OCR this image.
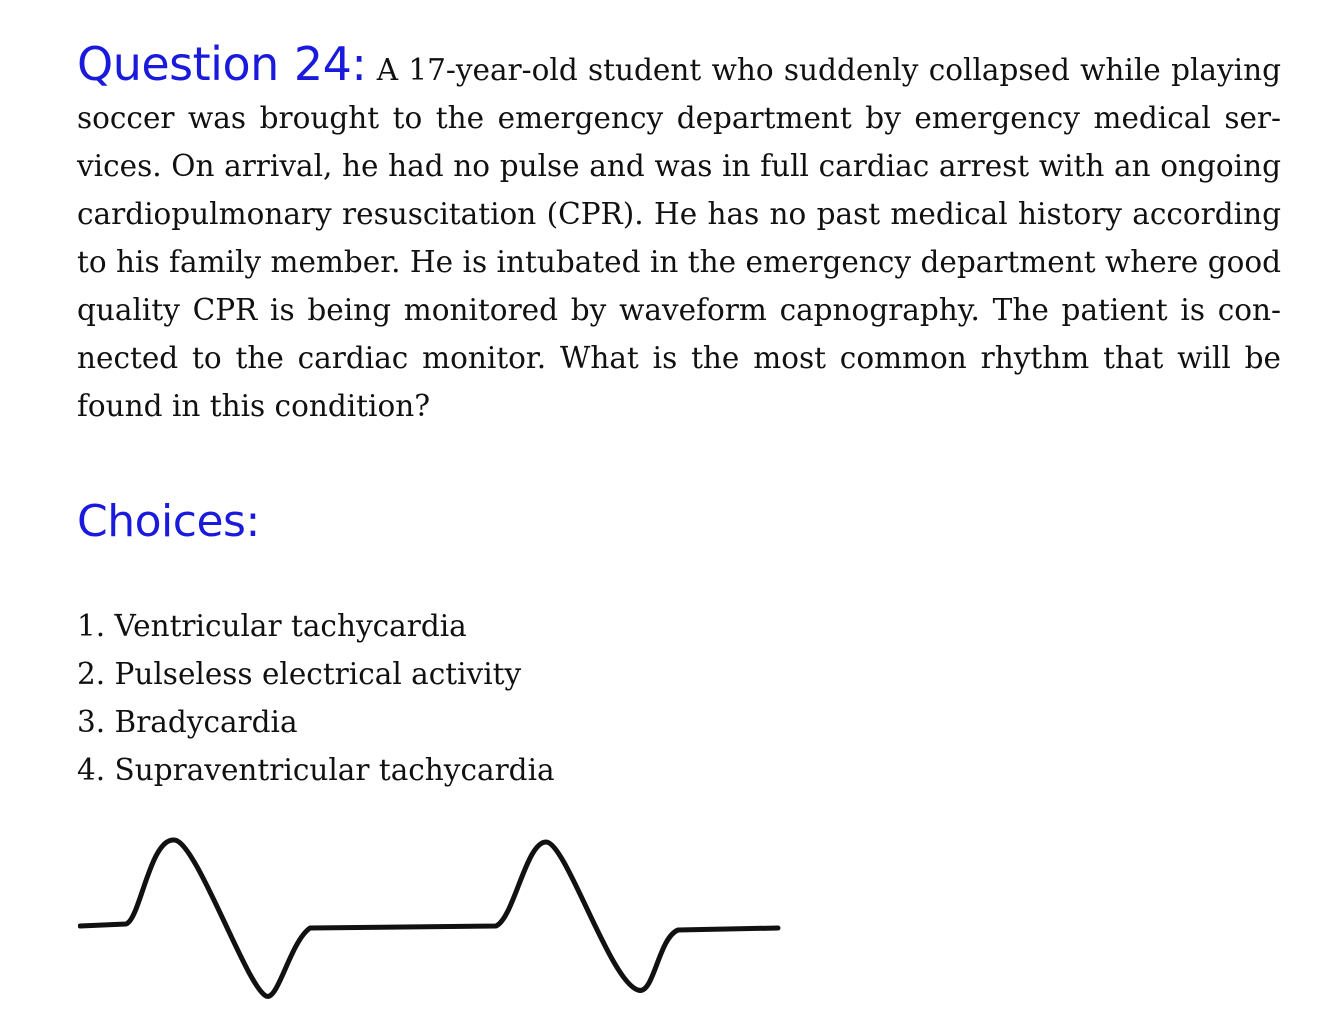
Question 24: A 17-year-old student who suddenly collapsed while playing soccer was brought to the emergency department by emergency medical services. On arrival, he had no pulse and was in full cardiac arrest with an ongoing cardiopulmonary resuscitation (CPR). He has no past medical history according to his family member. He is intubated in the emergency department where good quality CPR is being monitored by waveform capnography. The patient is connected to the cardiac monitor. What is the most common rhythm that will be found in this condition?

Choices:
1. Ventricular tachycardia
2. Pulseless electrical activity
3. Bradycardia
4. Supraventricular tachycardia
